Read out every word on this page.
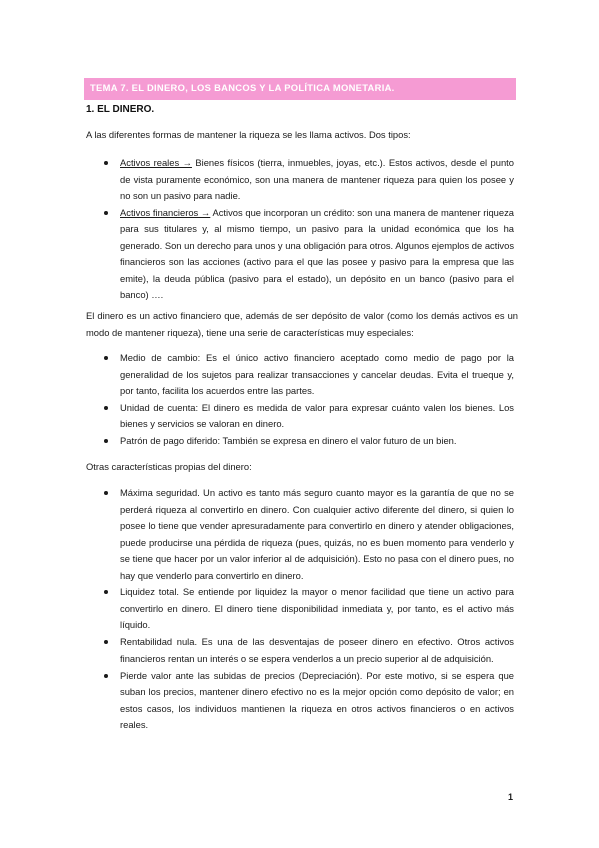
TEMA 7. EL DINERO, LOS BANCOS Y LA POLÍTICA MONETARIA.
1. EL DINERO.
A las diferentes formas de mantener la riqueza se les llama activos. Dos tipos:
Activos reales → Bienes físicos (tierra, inmuebles, joyas, etc.). Estos activos, desde el punto de vista puramente económico, son una manera de mantener riqueza para quien los posee y no son un pasivo para nadie.
Activos financieros → Activos que incorporan un crédito: son una manera de mantener riqueza para sus titulares y, al mismo tiempo, un pasivo para la unidad económica que los ha generado. Son un derecho para unos y una obligación para otros. Algunos ejemplos de activos financieros son las acciones (activo para el que las posee y pasivo para la empresa que las emite), la deuda pública (pasivo para el estado), un depósito en un banco (pasivo para el banco) ….
El dinero es un activo financiero que, además de ser depósito de valor (como los demás activos es un modo de mantener riqueza), tiene una serie de características muy especiales:
Medio de cambio: Es el único activo financiero aceptado como medio de pago por la generalidad de los sujetos para realizar transacciones y cancelar deudas. Evita el trueque y, por tanto, facilita los acuerdos entre las partes.
Unidad de cuenta: El dinero es medida de valor para expresar cuánto valen los bienes. Los bienes y servicios se valoran en dinero.
Patrón de pago diferido: También se expresa en dinero el valor futuro de un bien.
Otras características propias del dinero:
Máxima seguridad. Un activo es tanto más seguro cuanto mayor es la garantía de que no se perderá riqueza al convertirlo en dinero. Con cualquier activo diferente del dinero, si quien lo posee lo tiene que vender apresuradamente para convertirlo en dinero y atender obligaciones, puede producirse una pérdida de riqueza (pues, quizás, no es buen momento para venderlo y se tiene que hacer por un valor inferior al de adquisición). Esto no pasa con el dinero pues, no hay que venderlo para convertirlo en dinero.
Liquidez total. Se entiende por liquidez la mayor o menor facilidad que tiene un activo para convertirlo en dinero. El dinero tiene disponibilidad inmediata y, por tanto, es el activo más líquido.
Rentabilidad nula. Es una de las desventajas de poseer dinero en efectivo. Otros activos financieros rentan un interés o se espera venderlos a un precio superior al de adquisición.
Pierde valor ante las subidas de precios (Depreciación). Por este motivo, si se espera que suban los precios, mantener dinero efectivo no es la mejor opción como depósito de valor; en estos casos, los individuos mantienen la riqueza en otros activos financieros o en activos reales.
1
